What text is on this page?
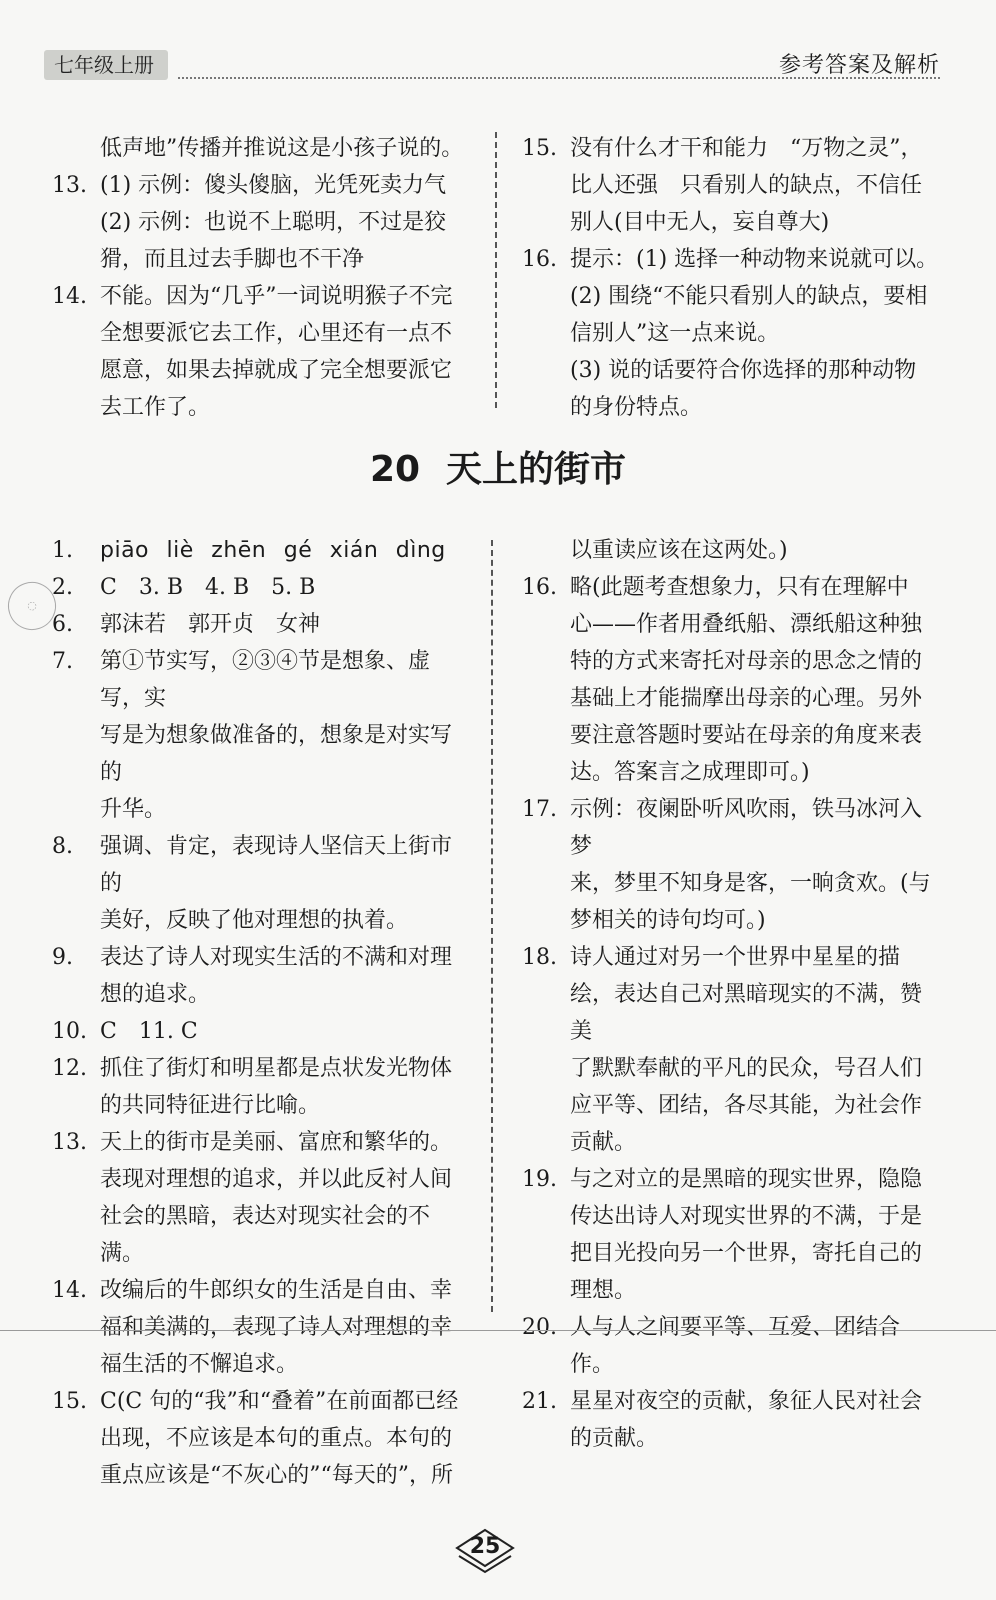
七年级上册	参考答案及解析
低声地”传播并推说这是小孩子说的。
13. (1) 示例：傻头傻脑，光凭死卖力气
(2) 示例：也说不上聪明，不过是狡
猾，而且过去手脚也不干净
14. 不能。因为“几乎”一词说明猴子不完
全想要派它去工作，心里还有一点不
愿意，如果去掉就成了完全想要派它
去工作了。
15. 没有什么才干和能力　“万物之灵”，
比人还强　只看别人的缺点，不信任
别人(目中无人，妄自尊大)
16. 提示：(1) 选择一种动物来说就可以。
(2) 围绕“不能只看别人的缺点，要相
信别人”这一点来说。
(3) 说的话要符合你选择的那种动物
的身份特点。
20 天上的街市
◌
1.	piāo liè zhēn gé xián dìng
2.	C　3. B　4. B　5. B
6.	郭沫若　郭开贞　女神
7.	第①节实写，②③④节是想象、虚写，实
写是为想象做准备的，想象是对实写的
升华。
8.	强调、肯定，表现诗人坚信天上街市的
美好，反映了他对理想的执着。
9.	表达了诗人对现实生活的不满和对理
想的追求。
10. C　11. C
12. 抓住了街灯和明星都是点状发光物体
的共同特征进行比喻。
13. 天上的街市是美丽、富庶和繁华的。
表现对理想的追求，并以此反衬人间
社会的黑暗，表达对现实社会的不满。
14. 改编后的牛郎织女的生活是自由、幸
福和美满的，表现了诗人对理想的幸
福生活的不懈追求。
15. C(C 句的“我”和“叠着”在前面都已经
出现，不应该是本句的重点。本句的
重点应该是“不灰心的”“每天的”，所
以重读应该在这两处。)
16. 略(此题考查想象力，只有在理解中
心——作者用叠纸船、漂纸船这种独
特的方式来寄托对母亲的思念之情的
基础上才能揣摩出母亲的心理。另外
要注意答题时要站在母亲的角度来表
达。答案言之成理即可。)
17. 示例：夜阑卧听风吹雨，铁马冰河入梦
来，梦里不知身是客，一晌贪欢。(与
梦相关的诗句均可。)
18. 诗人通过对另一个世界中星星的描
绘，表达自己对黑暗现实的不满，赞美
了默默奉献的平凡的民众，号召人们
应平等、团结，各尽其能，为社会作
贡献。
19. 与之对立的是黑暗的现实世界，隐隐
传达出诗人对现实世界的不满，于是
把目光投向另一个世界，寄托自己的
理想。
20. 人与人之间要平等、互爱、团结合作。
21. 星星对夜空的贡献，象征人民对社会
的贡献。
25
